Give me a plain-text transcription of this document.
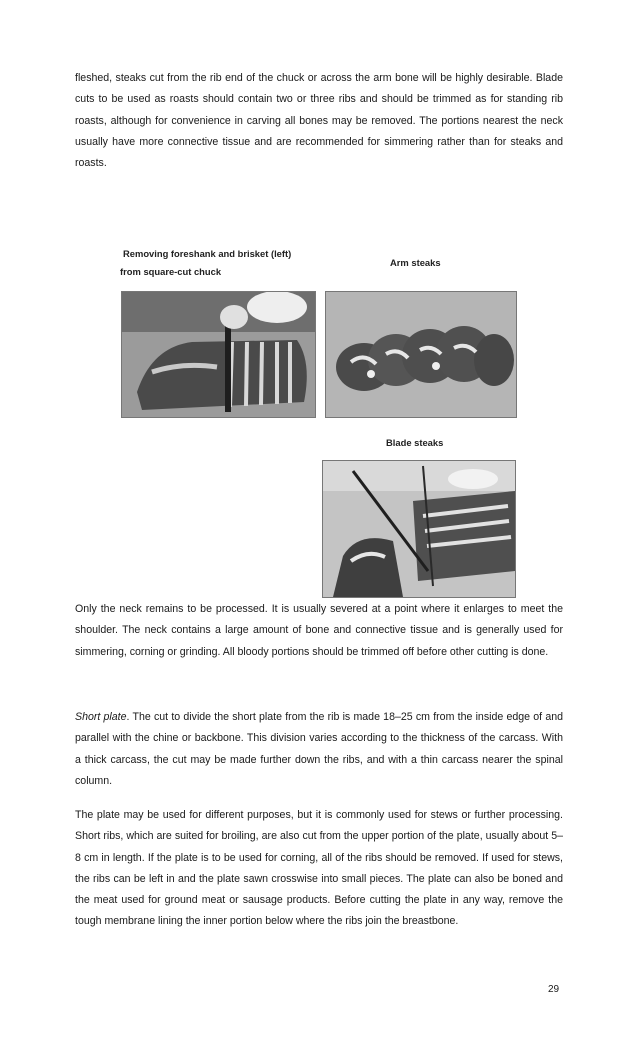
fleshed, steaks cut from the rib end of the chuck or across the arm bone will be highly desirable. Blade cuts to be used as roasts should contain two or three ribs and should be trimmed as for standing rib roasts, although for convenience in carving all bones may be removed. The portions nearest the neck usually have more connective tissue and are recommended for simmering rather than for steaks and roasts.

Removing foreshank and brisket (left)
from square-cut chuck
Arm steaks
Blade steaks

Only the neck remains to be processed. It is usually severed at a point where it enlarges to meet the shoulder. The neck contains a large amount of bone and connective tissue and is generally used for simmering, corning or grinding. All bloody portions should be trimmed off before other cutting is done.

Short plate. The cut to divide the short plate from the rib is made 18–25 cm from the inside edge of and parallel with the chine or backbone. This division varies according to the thickness of the carcass. With a thick carcass, the cut may be made further down the ribs, and with a thin carcass nearer the spinal column.

The plate may be used for different purposes, but it is commonly used for stews or further processing. Short ribs, which are suited for broiling, are also cut from the upper portion of the plate, usually about 5–8 cm in length. If the plate is to be used for corning, all of the ribs should be removed. If used for stews, the ribs can be left in and the plate sawn crosswise into small pieces. The plate can also be boned and the meat used for ground meat or sausage products. Before cutting the plate in any way, remove the tough membrane lining the inner portion below where the ribs join the breastbone.

29
